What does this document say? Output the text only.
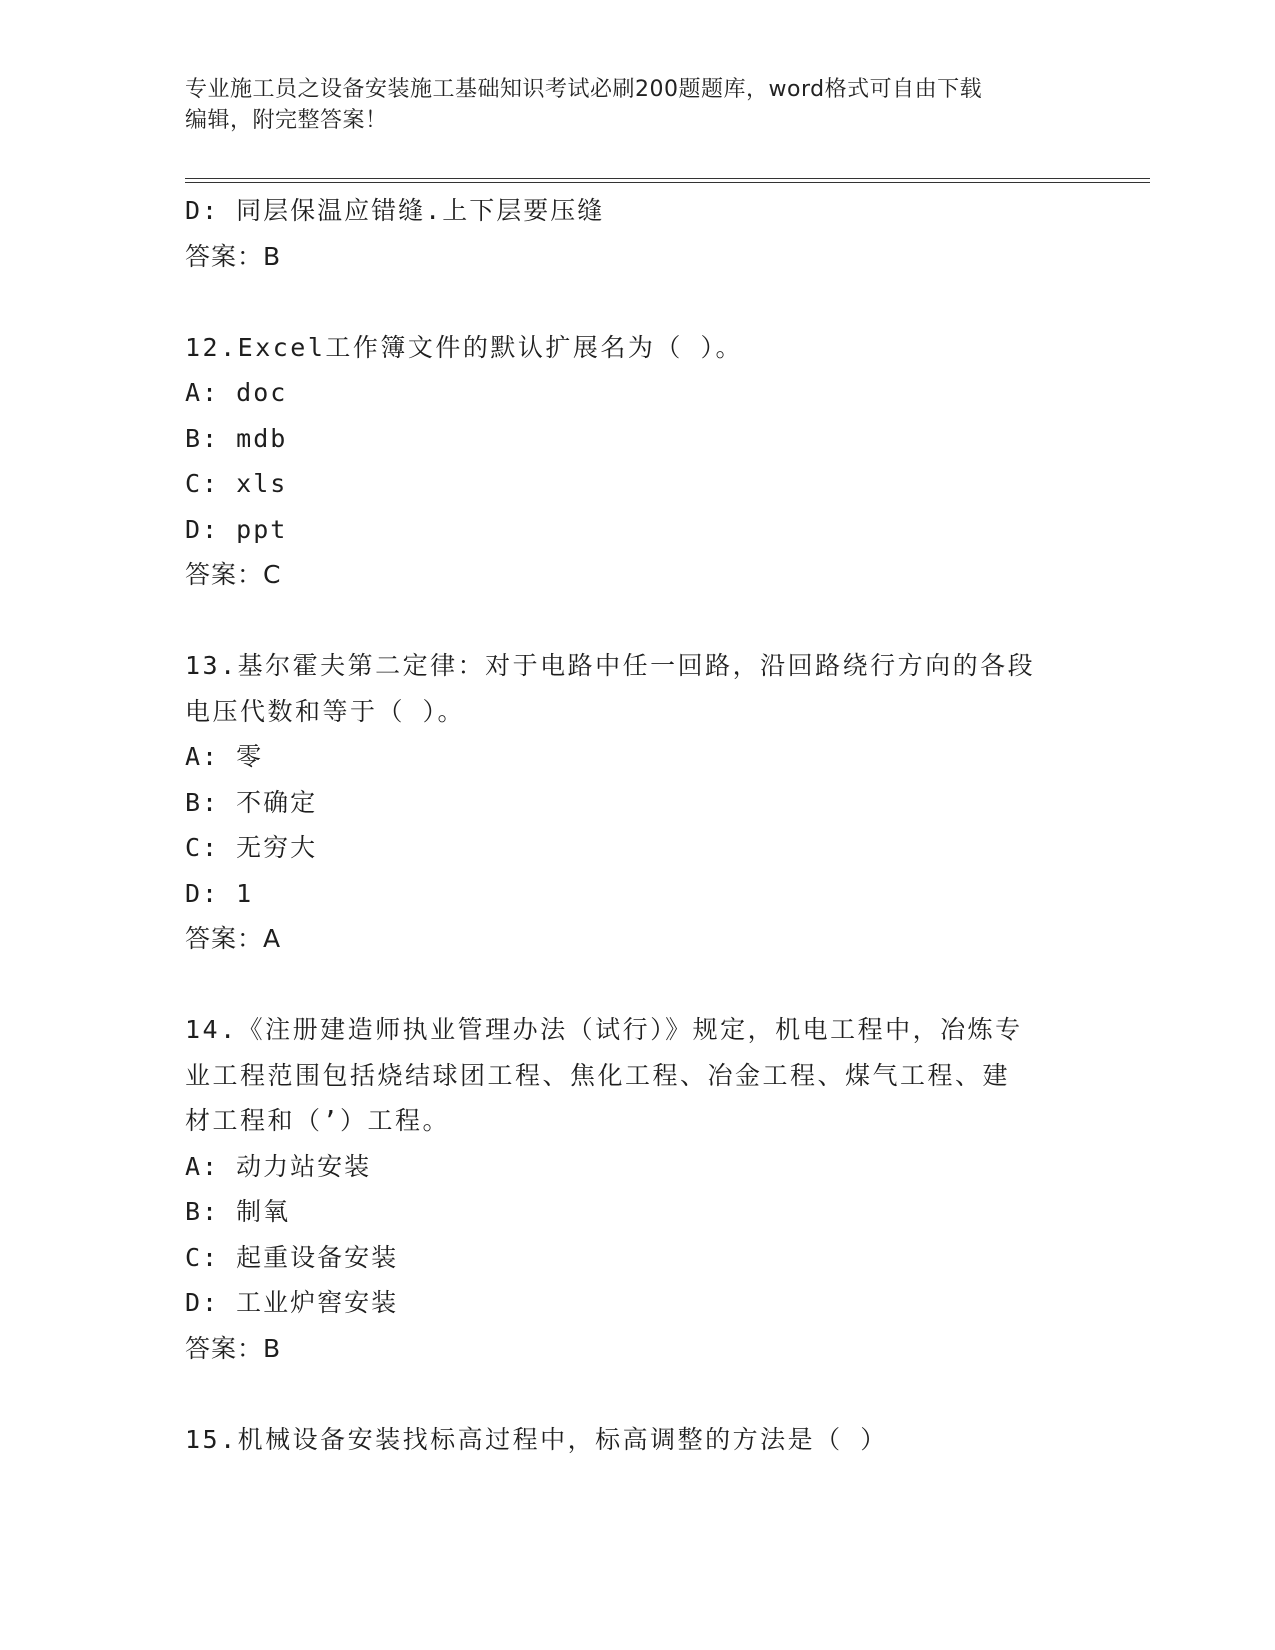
专业施工员之设备安装施工基础知识考试必刷200题题库，word格式可自由下载
编辑，附完整答案！
D: 同层保温应错缝.上下层要压缝
答案：B
12.Excel工作簿文件的默认扩展名为（ ）。
A: doc
B: mdb
C: xls
D: ppt
答案：C
13.基尔霍夫第二定律：对于电路中任一回路，沿回路绕行方向的各段
电压代数和等于（ ）。
A: 零
B: 不确定
C: 无穷大
D: 1
答案：A
14.《注册建造师执业管理办法（试行）》规定，机电工程中，冶炼专
业工程范围包括烧结球团工程、焦化工程、冶金工程、煤气工程、建
材工程和（’）工程。
A: 动力站安装
B: 制氧
C: 起重设备安装
D: 工业炉窖安装
答案：B
15.机械设备安装找标高过程中，标高调整的方法是（ ）
